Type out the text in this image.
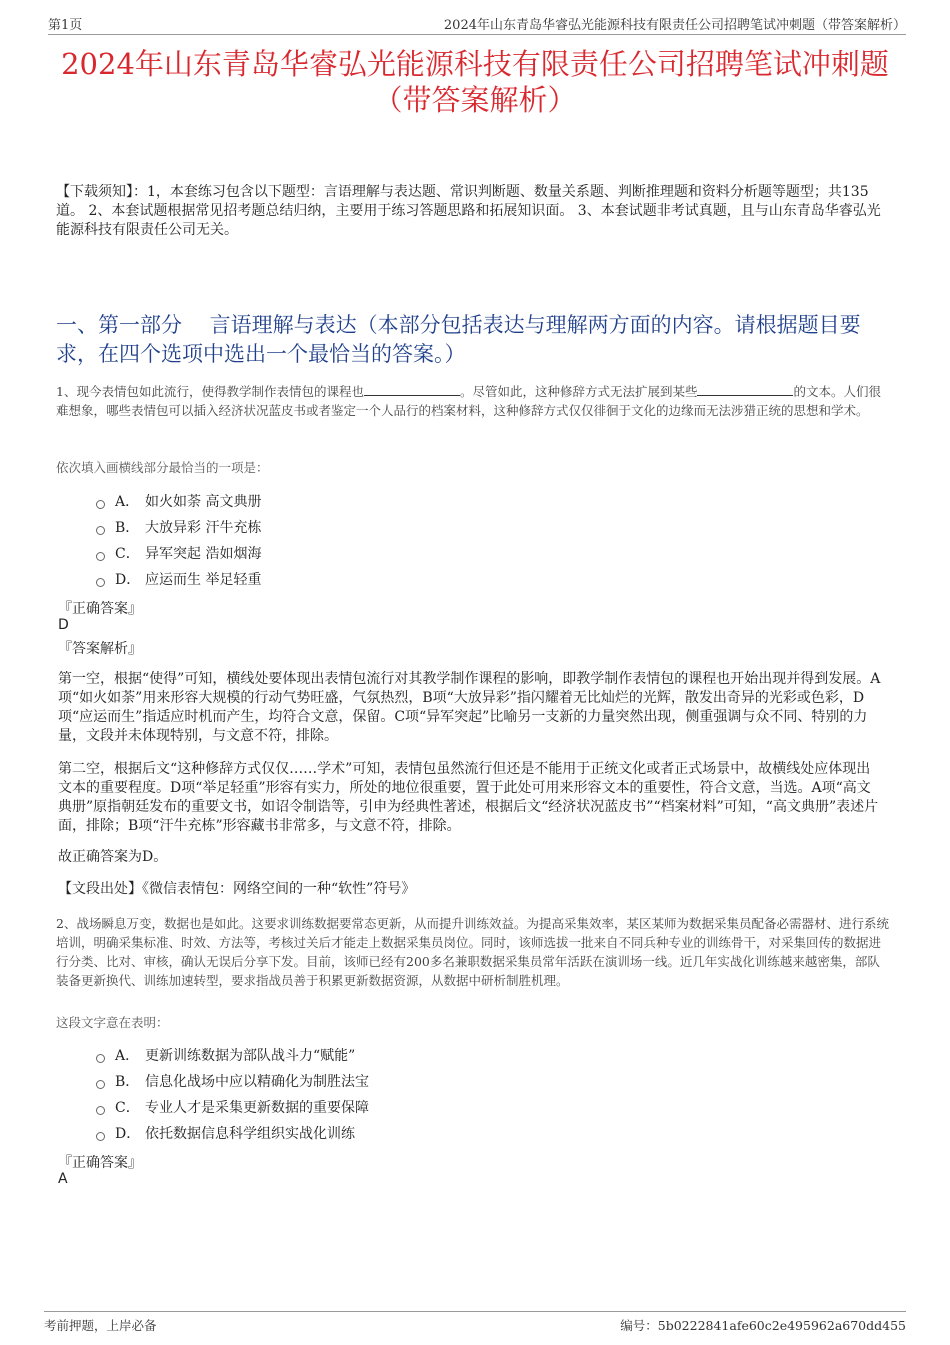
第1页	2024年山东青岛华睿弘光能源科技有限责任公司招聘笔试冲刺题（带答案解析）
2024年山东青岛华睿弘光能源科技有限责任公司招聘笔试冲刺题（带答案解析）
【下载须知】：1，本套练习包含以下题型：言语理解与表达题、常识判断题、数量关系题、判断推理题和资料分析题等题型；共135道。 2、本套试题根据常见招考题总结归纳，主要用于练习答题思路和拓展知识面。 3、本套试题非考试真题，且与山东青岛华睿弘光能源科技有限责任公司无关。
一、第一部分　 言语理解与表达（本部分包括表达与理解两方面的内容。请根据题目要求，在四个选项中选出一个最恰当的答案。）
1、现今表情包如此流行，使得教学制作表情包的课程也	。尽管如此，这种修辞方式无法扩展到某些	的文本。人们很难想象，哪些表情包可以插入经济状况蓝皮书或者鉴定一个人品行的档案材料，这种修辞方式仅仅徘徊于文化的边缘而无法涉猎正统的思想和学术。
依次填入画横线部分最恰当的一项是：
A． 如火如荼 高文典册
B． 大放异彩 汗牛充栋
C． 异军突起 浩如烟海
D． 应运而生 举足轻重
『正确答案』
D
『答案解析』
第一空，根据“使得”可知，横线处要体现出表情包流行对其教学制作课程的影响，即教学制作表情包的课程也开始出现并得到发展。A项“如火如荼”用来形容大规模的行动气势旺盛，气氛热烈，B项“大放异彩”指闪耀着无比灿烂的光辉，散发出奇异的光彩或色彩，D项“应运而生”指适应时机而产生，均符合文意，保留。C项“异军突起”比喻另一支新的力量突然出现，侧重强调与众不同、特别的力量，文段并未体现特别，与文意不符，排除。
第二空，根据后文“这种修辞方式仅仅……学术”可知，表情包虽然流行但还是不能用于正统文化或者正式场景中，故横线处应体现出文本的重要程度。D项“举足轻重”形容有实力，所处的地位很重要，置于此处可用来形容文本的重要性，符合文意，当选。A项“高文典册”原指朝廷发布的重要文书，如诏令制诰等，引申为经典性著述，根据后文“经济状况蓝皮书”“档案材料”可知，“高文典册”表述片面，排除；B项“汗牛充栋”形容藏书非常多，与文意不符，排除。
故正确答案为D。
【文段出处】《微信表情包：网络空间的一种“软性”符号》
2、战场瞬息万变，数据也是如此。这要求训练数据要常态更新，从而提升训练效益。为提高采集效率，某区某师为数据采集员配备必需器材、进行系统培训，明确采集标准、时效、方法等，考核过关后才能走上数据采集员岗位。同时，该师选拔一批来自不同兵种专业的训练骨干，对采集回传的数据进行分类、比对、审核，确认无误后分享下发。目前，该师已经有200多名兼职数据采集员常年活跃在演训场一线。近几年实战化训练越来越密集，部队装备更新换代、训练加速转型，要求指战员善于积累更新数据资源，从数据中研析制胜机理。
这段文字意在表明：
A． 更新训练数据为部队战斗力“赋能”
B． 信息化战场中应以精确化为制胜法宝
C． 专业人才是采集更新数据的重要保障
D． 依托数据信息科学组织实战化训练
『正确答案』
A
考前押题，上岸必备	编号：5b0222841afe60c2e495962a670dd455
